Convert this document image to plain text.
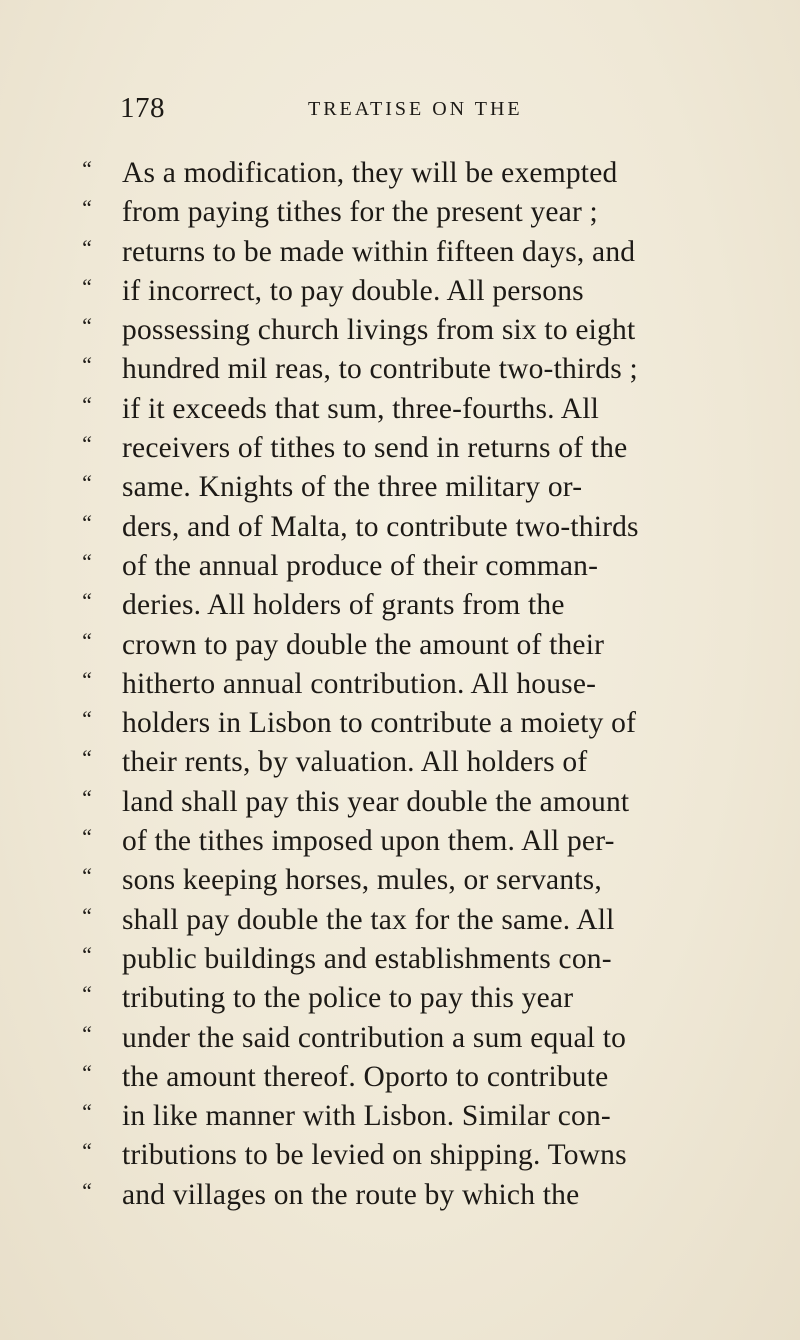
178	TREATISE ON THE
“	As a modification, they will be exempted
“	from paying tithes for the present year ;
“	returns to be made within fifteen days, and
“	if incorrect, to pay double. All persons
“	possessing church livings from six to eight
“	hundred mil reas, to contribute two-thirds ;
“	if it exceeds that sum, three-fourths. All
“	receivers of tithes to send in returns of the
“	same. Knights of the three military or-
“	ders, and of Malta, to contribute two-thirds
“	of the annual produce of their comman-
“	deries. All holders of grants from the
“	crown to pay double the amount of their
“	hitherto annual contribution. All house-
“	holders in Lisbon to contribute a moiety of
“	their rents, by valuation. All holders of
“	land shall pay this year double the amount
“	of the tithes imposed upon them. All per-
“	sons keeping horses, mules, or servants,
“	shall pay double the tax for the same. All
“	public buildings and establishments con-
“	tributing to the police to pay this year
“	under the said contribution a sum equal to
“	the amount thereof. Oporto to contribute
“	in like manner with Lisbon. Similar con-
“	tributions to be levied on shipping. Towns
“	and villages on the route by which the
